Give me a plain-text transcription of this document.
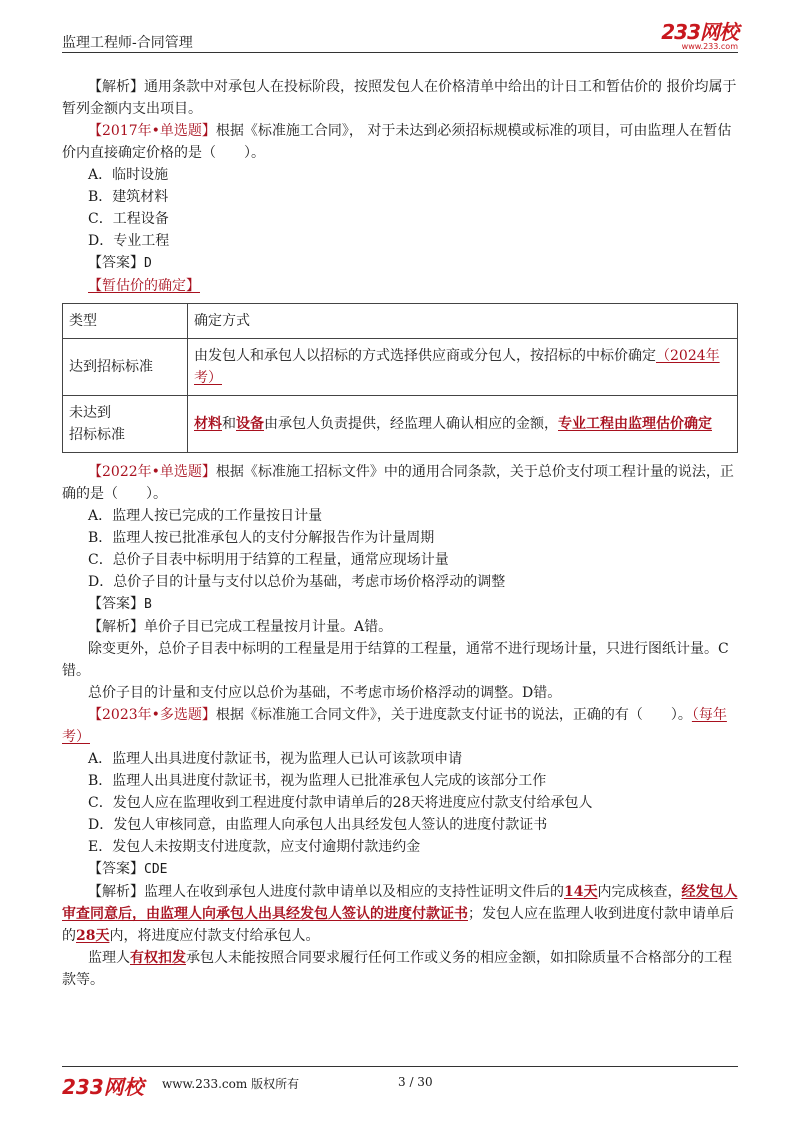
监理工程师-合同管理	233网校
www.233.com

【解析】通用条款中对承包人在投标阶段，按照发包人在价格清单中给出的计日工和暂估价的 报价均属于暂列金额内支出项目。

【2017年•单选题】根据《标准施工合同》， 对于未达到必须招标规模或标准的项目，可由监理人在暂估价内直接确定价格的是（　　）。

A．临时设施
B．建筑材料
C．工程设备
D．专业工程

【答案】D

【暂估价的确定】

类型	确定方式
达到招标标准	由发包人和承包人以招标的方式选择供应商或分包人，按招标的中标价确定（2024年考）
未达到
招标标准	材料和设备由承包人负责提供，经监理人确认相应的金额，专业工程由监理估价确定

【2022年•单选题】根据《标准施工招标文件》中的通用合同条款，关于总价支付项工程计量的说法，正确的是（　　）。

A．监理人按已完成的工作量按日计量
B．监理人按已批准承包人的支付分解报告作为计量周期
C．总价子目表中标明用于结算的工程量，通常应现场计量
D．总价子目的计量与支付以总价为基础，考虑市场价格浮动的调整

【答案】B

【解析】单价子目已完成工程量按月计量。A错。

除变更外，总价子目表中标明的工程量是用于结算的工程量，通常不进行现场计量，只进行图纸计量。C错。

总价子目的计量和支付应以总价为基础，不考虑市场价格浮动的调整。D错。

【2023年•多选题】根据《标准施工合同文件》，关于进度款支付证书的说法，正确的有（　　）。（每年考）

A．监理人出具进度付款证书，视为监理人已认可该款项申请
B．监理人出具进度付款证书，视为监理人已批准承包人完成的该部分工作
C．发包人应在监理收到工程进度付款申请单后的28天将进度应付款支付给承包人
D．发包人审核同意，由监理人向承包人出具经发包人签认的进度付款证书
E．发包人未按期支付进度款，应支付逾期付款违约金

【答案】CDE

【解析】监理人在收到承包人进度付款申请单以及相应的支持性证明文件后的14天内完成核查，经发包人审查同意后，由监理人向承包人出具经发包人签认的进度付款证书；发包人应在监理人收到进度付款申请单后的28天内，将进度应付款支付给承包人。

监理人有权扣发承包人未能按照合同要求履行任何工作或义务的相应金额，如扣除质量不合格部分的工程款等。

233网校 www.233.com 版权所有	3 / 30
